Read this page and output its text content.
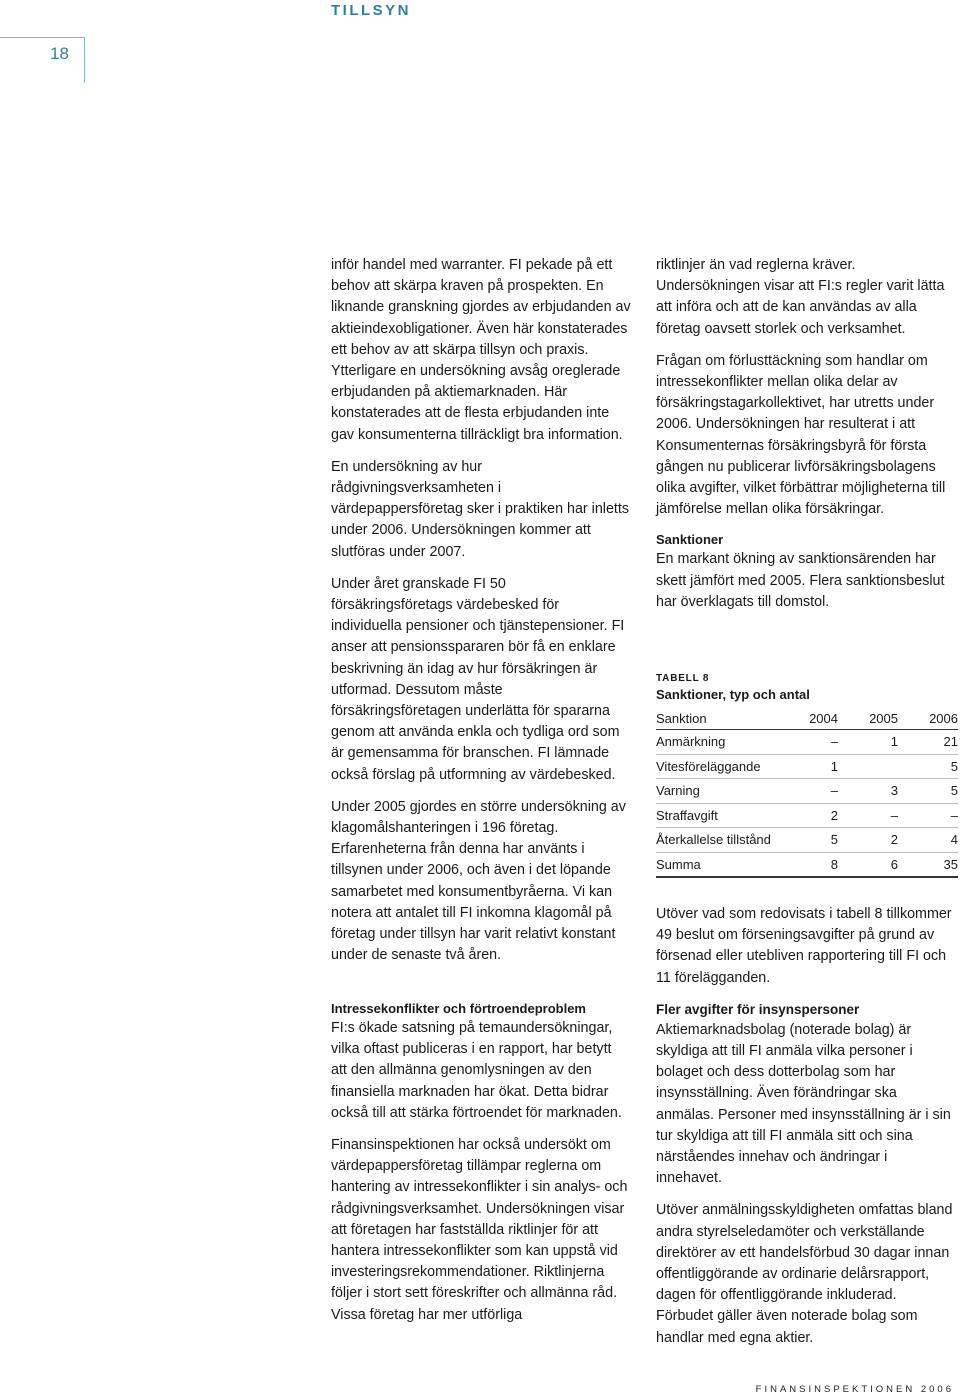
TILLSYN
18

inför handel med warranter. FI pekade på ett behov att skärpa kraven på prospekten. En liknande granskning gjordes av erbjudanden av aktieindexobligationer. Även här konstaterades ett behov av att skärpa tillsyn och praxis. Ytterligare en undersökning avsåg oreglerade erbjudanden på aktiemarknaden. Här konstaterades att de flesta erbjudanden inte gav konsumenterna tillräckligt bra information.

En undersökning av hur rådgivningsverksamheten i värdepappersföretag sker i praktiken har inletts under 2006. Undersökningen kommer att slutföras under 2007.

Under året granskade FI 50 försäkringsföretags värdebesked för individuella pensioner och tjänstepensioner. FI anser att pensionsspararen bör få en enklare beskrivning än idag av hur försäkringen är utformad. Dessutom måste försäkringsföretagen underlätta för spararna genom att använda enkla och tydliga ord som är gemensamma för branschen. FI lämnade också förslag på utformning av värdebesked.

Under 2005 gjordes en större undersökning av klagomålshanteringen i 196 företag. Erfarenheterna från denna har använts i tillsynen under 2006, och även i det löpande samarbetet med konsumentbyråerna. Vi kan notera att antalet till FI inkomna klagomål på företag under tillsyn har varit relativt konstant under de senaste två åren.

Intressekonflikter och förtroendeproblem

FI:s ökade satsning på temaundersökningar, vilka oftast publiceras i en rapport, har betytt att den allmänna genomlysningen av den finansiella marknaden har ökat. Detta bidrar också till att stärka förtroendet för marknaden.

Finansinspektionen har också undersökt om värdepappersföretag tillämpar reglerna om hantering av intressekonflikter i sin analys- och rådgivningsverksamhet. Undersökningen visar att företagen har fastställda riktlinjer för att hantera intressekonflikter som kan uppstå vid investeringsrekommendationer. Riktlinjerna följer i stort sett föreskrifter och allmänna råd. Vissa företag har mer utförliga

riktlinjer än vad reglerna kräver. Undersökningen visar att FI:s regler varit lätta att införa och att de kan användas av alla företag oavsett storlek och verksamhet.

Frågan om förlusttäckning som handlar om intressekonflikter mellan olika delar av försäkringstagarkollektivet, har utretts under 2006. Undersökningen har resulterat i att Konsumenternas försäkringsbyrå för första gången nu publicerar livförsäkringsbolagens olika avgifter, vilket förbättrar möjligheterna till jämförelse mellan olika försäkringar.

Sanktioner

En markant ökning av sanktionsärenden har skett jämfört med 2005. Flera sanktionsbeslut har överklagats till domstol.

TABELL 8
Sanktioner, typ och antal
Sanktion	2004	2005	2006
Anmärkning	–	1	21
Vitesföreläggande	1		5
Varning	–	3	5
Straffavgift	2	–	–
Återkallelse tillstånd	5	2	4
Summa	8	6	35

Utöver vad som redovisats i tabell 8 tillkommer 49 beslut om förseningsavgifter på grund av försenad eller utebliven rapportering till FI och 11 förelägganden.

Fler avgifter för insynspersoner

Aktiemarknadsbolag (noterade bolag) är skyldiga att till FI anmäla vilka personer i bolaget och dess dotterbolag som har insynsställning. Även förändringar ska anmälas. Personer med insynsställning är i sin tur skyldiga att till FI anmäla sitt och sina närståendes innehav och ändringar i innehavet.

Utöver anmälningsskyldigheten omfattas bland andra styrelseledamöter och verkställande direktörer av ett handelsförbud 30 dagar innan offentliggörande av ordinarie delårsrapport, dagen för offentliggörande inkluderad. Förbudet gäller även noterade bolag som handlar med egna aktier.

FINANSINSPEKTIONEN 2006
